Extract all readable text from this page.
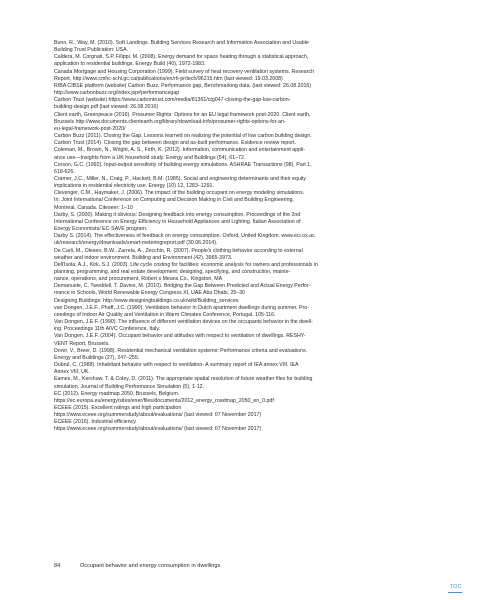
Bunn, R., Way, M. (2010). Soft Landings. Building Services Research and Information Association and Usable
Building Trust Publication: USA.

Caldera, M. Corgnati, S.P. Filippi, M. (2008). Energy demand for space heating through a statistical approach,
application to residential buildings. Energy Build (40), 1972-1983.

Canada Mortgage and Housing Corporation (1999). Field survey of heat recovery ventilation systems. Research
Report, http://www.cmhc-schl.gc.ca/publications/en/rh-pr/tech/96215.htm (last viewed: 19.03.2008)

RIBA CIBSE platform (website) Carbon Buzz, Performance gap, Benchmarking data. (last viewed: 26.08.2016)
http://www.carbonbuzz.org/index.jsp#performancegap

Carbon Trust (website) https://www.carbontrust.com/media/81361/ctg047-closing-the-gap-low-carbon-
building-design.pdf (last viewed: 26.08.2016)

Client earth, Greenpeace (2016). Prosumer Rights: Options for an EU legal framework post-2020. Client earth,
Brussels http://www.documents.clientearth.org/library/download-info/prosumer-rights-options-for-an-
eu-legal-framework-post-2020/

Carbon Buzz (2011). Closing the Gap. Lessons learned on realizing the potential of low carbon building design.

Carbon Trust (2014). Closing the gap between design and as-built performance. Evidence review report.

Coleman, M., Brown, N., Wright, A. S., Firth, K. (2012). Information, communication and entertainment appli-
ance use—Insights from a UK household study. Energy and Buildings (54), 61–72.

Corson, G.C. (1992). Input-output sensitivity of building energy simulations. ASHRAE Transactions (98), Part 1,
618-626.

Cramer, J.C., Miller, N., Craig, P., Hackett, B.M. (1985). Social and engineering determinants and their equity
implications in residential electricity use. Energy (10) 12, 1283–1291.

Clevenger, C.M., Haymaker, J. (2006). The impact of the building occupant on energy modeling simulations.
In: Joint International Conference on Computing and Decision Making in Civil and Building Engineering,
Montreal, Canada. Citeseer: 1–10

Darby, S. (2000). Making it obvious: Designing feedback into energy consumption. Proceedings of the 2nd
International Conference on Energy Efficiency in Household Appliances and Lighting. Italian Association of
Energy Economists/ EC-SAVE program.

Darby S. (2014). The effectiveness of feedback on energy consumption. Oxford, United Kingdom. www.eci.ox.ac.
uk/research/energy/downloads/smart-meteringreport.pdf (30.06.2014).

De Carli, M., Olesen, B.W., Zarrela, A., Zecchin, R. (2007). People's clothing behavior according to external
weather and indoor environment. Building and Environment (42), 3965-3973.

Dell'Isola, A.J., Kirk, S.J. (2003). Life cycle costing for facilities: economic analysis for owners and professionals in
planning, programming, and real estate development: designing, specifying, and construction, mainte-
nance, operations, and procurement, Robert s Means Co., Kingston, MA

Demanuele, C. Tweddell, T. Davies, M. (2010). Bridging the Gap Between Predicted and Actual Energy Perfor-
mance in Schools, World Renewable Energy Congress XI, UAE Abu Dhabi, 25–30

Designing Buildings: http://www.designingbuildings.co.uk/wiki/Building_services

van Dongen, J.E.F., Phaff, J.C. (1990). Ventilation behavior in Dutch apartment dwellings during summer. Pro-
ceedings of Indoor Air Quality and Ventilation in Warm Climates Conference, Portugal, 105-116.

Van Dongen, J.E.F. (1990). The influence of different ventilation devices on the occupants behavior in the dwell-
ing. Proceedings 11th AIVC Conference, Italy.

Van Dongen, J.E.F. (2004). Occupant behavior and attitudes with respect to ventilation of dwellings. RESHY-
VENT Report, Brussels.

Dorer, V., Breer, D. (1998). Residential mechanical ventilation systems: Performance criteria and evaluations.
Energy and Buildings (27), 247–255.

Dubrul, C. (1988). Inhabitant behavior with respect to ventilation- A summary report of IEA annex VIII. IEA
Annex VIII, UK.

Eames, M., Kershaw, T. & Coley, D. (2011). The appropriate spatial resolution of future weather files for building
simulation. Journal of Building Performance Simulation (5), 1-12.

EC (2012). Energy roadmap 2050. Brussels, Belgium.
https://ec.europa.eu/energy/sites/ener/files/documents/2012_energy_roadmap_2050_en_0.pdf

ECEEE (2015). Excellent ratings and high participation
https://www.eceee.org/summerstudy/about/evaluations/ (last viewed: 07 November 2017)

ECEEE (2016). Industrial efficiency
https://www.eceee.org/summerstudy/about/evaluations/ (last viewed: 07 November 2017)

84	Occupant behavior and energy consumption in dwellings
TOC
